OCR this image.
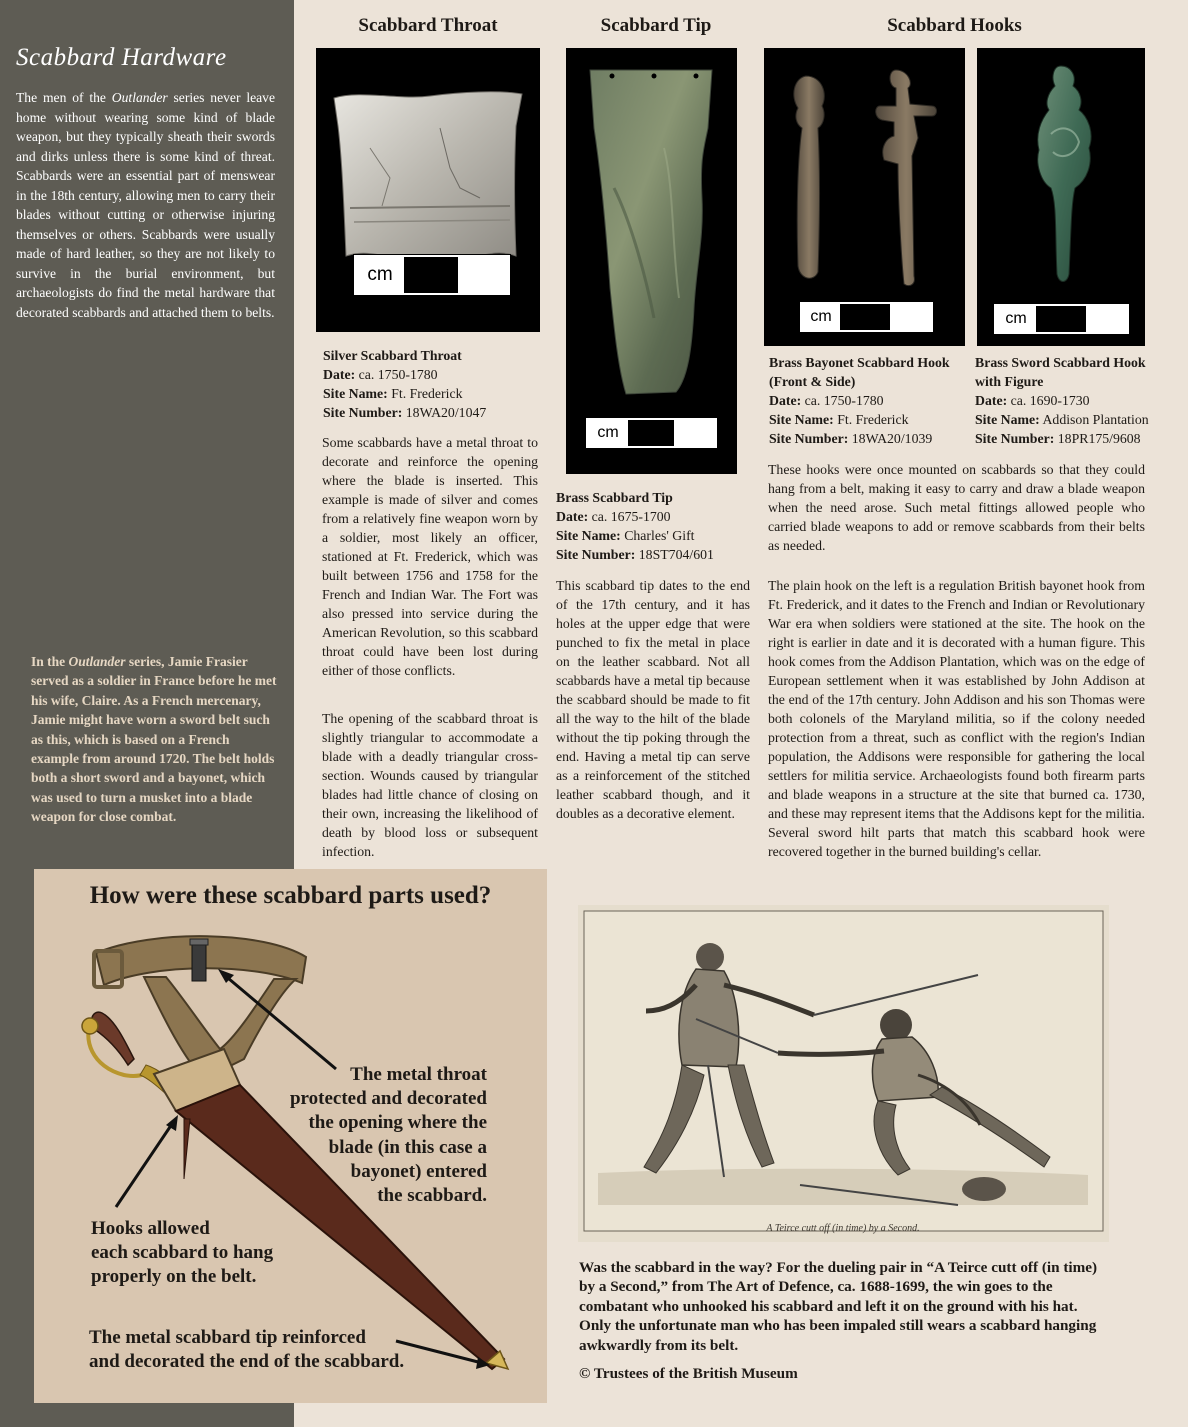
Scabbard Hardware
The men of the Outlander series never leave home without wearing some kind of blade weapon, but they typically sheath their swords and dirks unless there is some kind of threat. Scabbards were an essential part of menswear in the 18th century, allowing men to carry their blades without cutting or otherwise injuring themselves or others. Scabbards were usually made of hard leather, so they are not likely to survive in the burial environment, but archaeologists do find the metal hardware that decorated scabbards and attached them to belts.
In the Outlander series, Jamie Frasier served as a soldier in France before he met his wife, Claire. As a French mercenary, Jamie might have worn a sword belt such as this, which is based on a French example from around 1720. The belt holds both a short sword and a bayonet, which was used to turn a musket into a blade weapon for close combat.
Scabbard Throat	Scabbard Tip	Scabbard Hooks
cm
cm
cm	cm
Silver Scabbard Throat
Date: ca. 1750-1780
Site Name: Ft. Frederick
Site Number: 18WA20/1047
Some scabbards have a metal throat to decorate and reinforce the opening where the blade is inserted. This example is made of silver and comes from a relatively fine weapon worn by a soldier, most likely an officer, stationed at Ft. Frederick, which was built between 1756 and 1758 for the French and Indian War. The Fort was also pressed into service during the American Revolution, so this scabbard throat could have been lost during either of those conflicts.
The opening of the scabbard throat is slightly triangular to accommodate a blade with a deadly triangular cross-section. Wounds caused by triangular blades had little chance of closing on their own, increasing the likelihood of death by blood loss or subsequent infection.
Brass Scabbard Tip
Date: ca. 1675-1700
Site Name: Charles' Gift
Site Number: 18ST704/601
This scabbard tip dates to the end of the 17th century, and it has holes at the upper edge that were punched to fix the metal in place on the leather scabbard. Not all scabbards have a metal tip because the scabbard should be made to fit all the way to the hilt of the blade without the tip poking through the end. Having a metal tip can serve as a reinforcement of the stitched leather scabbard though, and it doubles as a decorative element.
Brass Bayonet Scabbard Hook
(Front & Side)
Date: ca. 1750-1780
Site Name: Ft. Frederick
Site Number: 18WA20/1039
Brass Sword Scabbard Hook
with Figure
Date: ca. 1690-1730
Site Name: Addison Plantation
Site Number: 18PR175/9608
These hooks were once mounted on scabbards so that they could hang from a belt, making it easy to carry and draw a blade weapon when the need arose. Such metal fittings allowed people who carried blade weapons to add or remove scabbards from their belts as needed.
The plain hook on the left is a regulation British bayonet hook from Ft. Frederick, and it dates to the French and Indian or Revolutionary War era when soldiers were stationed at the site. The hook on the right is earlier in date and it is decorated with a human figure. This hook comes from the Addison Plantation, which was on the edge of European settlement when it was established by John Addison at the end of the 17th century. John Addison and his son Thomas were both colonels of the Maryland militia, so if the colony needed protection from a threat, such as conflict with the region's Indian population, the Addisons were responsible for gathering the local settlers for militia service. Archaeologists found both firearm parts and blade weapons in a structure at the site that burned ca. 1730, and these may represent items that the Addisons kept for the militia. Several sword hilt parts that match this scabbard hook were recovered together in the burned building's cellar.
How were these scabbard parts used?
The metal throat
protected and decorated
the opening where the
blade (in this case a
bayonet) entered
the scabbard.
Hooks allowed
each scabbard to hang
properly on the belt.
The metal scabbard tip reinforced
and decorated the end of the scabbard.
A Teirce cutt off (in time) by a Second.
Was the scabbard in the way? For the dueling pair in “A Teirce cutt off (in time) by a Second,” from The Art of Defence, ca. 1688-1699, the win goes to the combatant who unhooked his scabbard and left it on the ground with his hat. Only the unfortunate man who has been impaled still wears a scabbard hanging awkwardly from its belt.
© Trustees of the British Museum
